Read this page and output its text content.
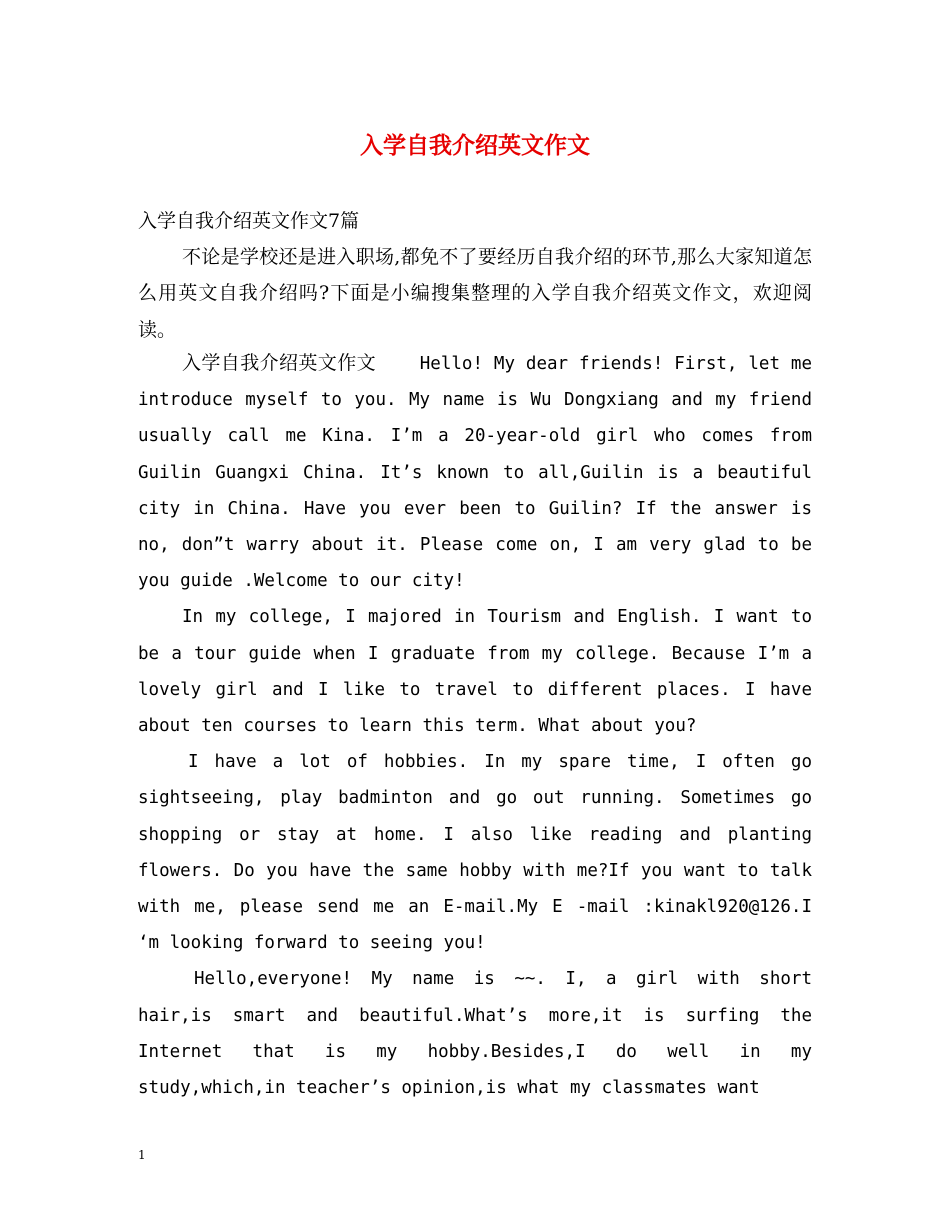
入学自我介绍英文作文
入学自我介绍英文作文7篇

不论是学校还是进入职场,都免不了要经历自我介绍的环节,那么大家知道怎么用英文自我介绍吗?下面是小编搜集整理的入学自我介绍英文作文，欢迎阅读。

入学自我介绍英文作文	Hello! My dear friends! First, let me introduce myself to you. My name is Wu Dongxiang and my friend usually call me Kina. I’m a 20-year-old girl who comes from Guilin Guangxi China. It’s known to all,Guilin is a beautiful city in China. Have you ever been to Guilin? If the answer is no, don”t warry about it. Please come on, I am very glad to be you guide .Welcome to our city!

In my college, I majored in Tourism and English. I want to be a tour guide when I graduate from my college. Because I’m a lovely girl and I like to travel to different places. I have about ten courses to learn this term. What about you?

I have a lot of hobbies. In my spare time, I often go sightseeing, play badminton and go out running. Sometimes go shopping or stay at home. I also like reading and planting flowers. Do you have the same hobby with me?If you want to talk with me, please send me an E-mail.My E -mail :kinakl920@126.I ‘m looking forward to seeing you!

Hello,everyone! My name is ~~. I, a girl with short hair,is smart and beautiful.What’s more,it is surfing the Internet that is my hobby.Besides,I do well in my study,which,in teacher’s opinion,is what my classmates want

1
